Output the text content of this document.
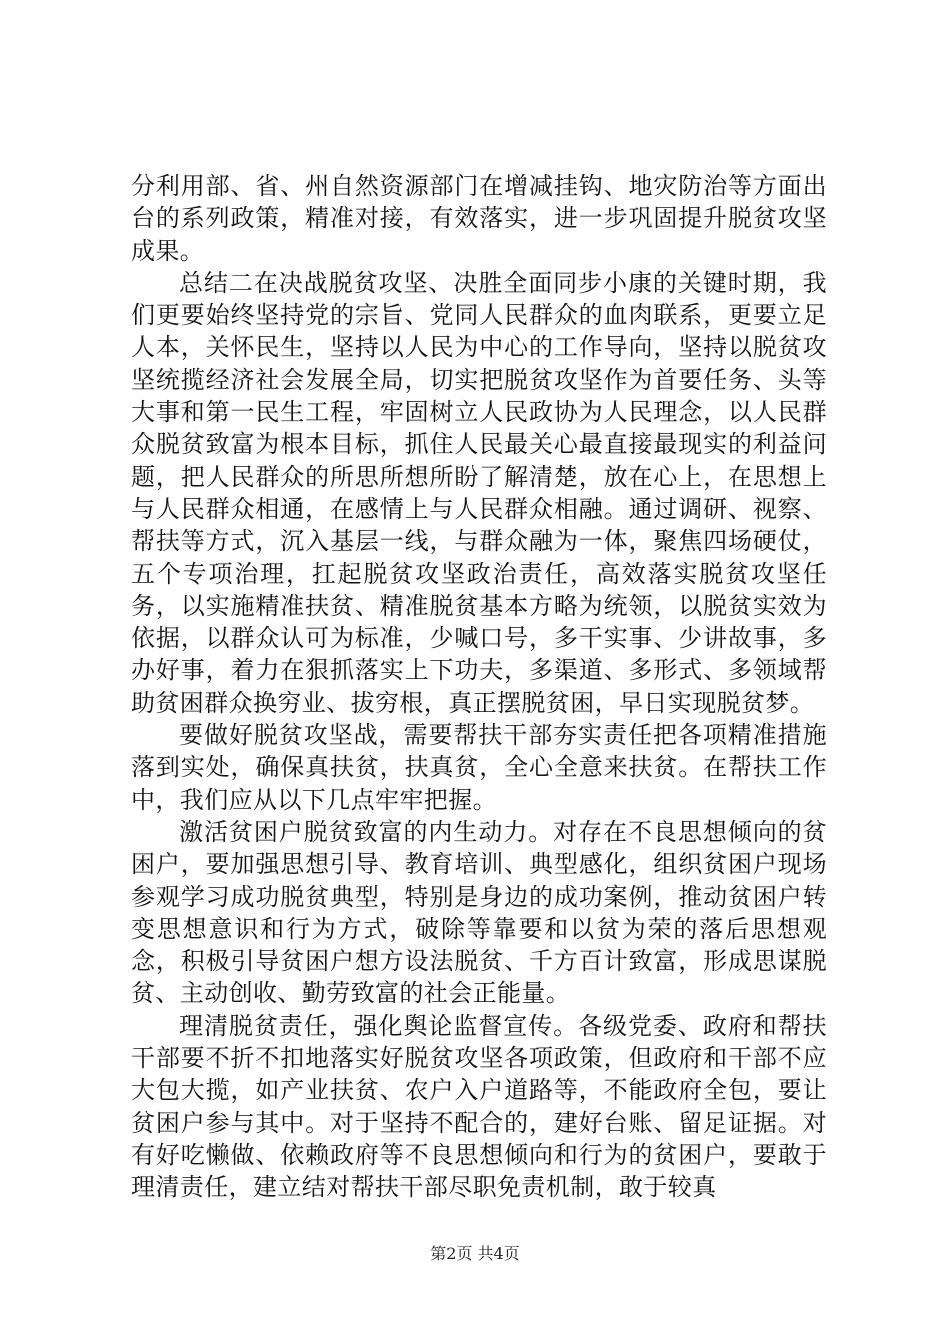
分利用部、省、州自然资源部门在增减挂钩、地灾防治等方面出台的系列政策，精准对接，有效落实，进一步巩固提升脱贫攻坚成果。

总结二在决战脱贫攻坚、决胜全面同步小康的关键时期，我们更要始终坚持党的宗旨、党同人民群众的血肉联系，更要立足人本，关怀民生，坚持以人民为中心的工作导向，坚持以脱贫攻坚统揽经济社会发展全局，切实把脱贫攻坚作为首要任务、头等大事和第一民生工程，牢固树立人民政协为人民理念，以人民群众脱贫致富为根本目标，抓住人民最关心最直接最现实的利益问题，把人民群众的所思所想所盼了解清楚，放在心上，在思想上与人民群众相通，在感情上与人民群众相融。通过调研、视察、帮扶等方式，沉入基层一线，与群众融为一体，聚焦四场硬仗，五个专项治理，扛起脱贫攻坚政治责任，高效落实脱贫攻坚任务，以实施精准扶贫、精准脱贫基本方略为统领，以脱贫实效为依据，以群众认可为标准，少喊口号，多干实事、少讲故事，多办好事，着力在狠抓落实上下功夫，多渠道、多形式、多领域帮助贫困群众换穷业、拔穷根，真正摆脱贫困，早日实现脱贫梦。

要做好脱贫攻坚战，需要帮扶干部夯实责任把各项精准措施落到实处，确保真扶贫，扶真贫，全心全意来扶贫。在帮扶工作中，我们应从以下几点牢牢把握。

激活贫困户脱贫致富的内生动力。对存在不良思想倾向的贫困户，要加强思想引导、教育培训、典型感化，组织贫困户现场参观学习成功脱贫典型，特别是身边的成功案例，推动贫困户转变思想意识和行为方式，破除等靠要和以贫为荣的落后思想观念，积极引导贫困户想方设法脱贫、千方百计致富，形成思谋脱贫、主动创收、勤劳致富的社会正能量。

理清脱贫责任，强化舆论监督宣传。各级党委、政府和帮扶干部要不折不扣地落实好脱贫攻坚各项政策，但政府和干部不应大包大揽，如产业扶贫、农户入户道路等，不能政府全包，要让贫困户参与其中。对于坚持不配合的，建好台账、留足证据。对有好吃懒做、依赖政府等不良思想倾向和行为的贫困户，要敢于理清责任，建立结对帮扶干部尽职免责机制，敢于较真

第2页 共4页
